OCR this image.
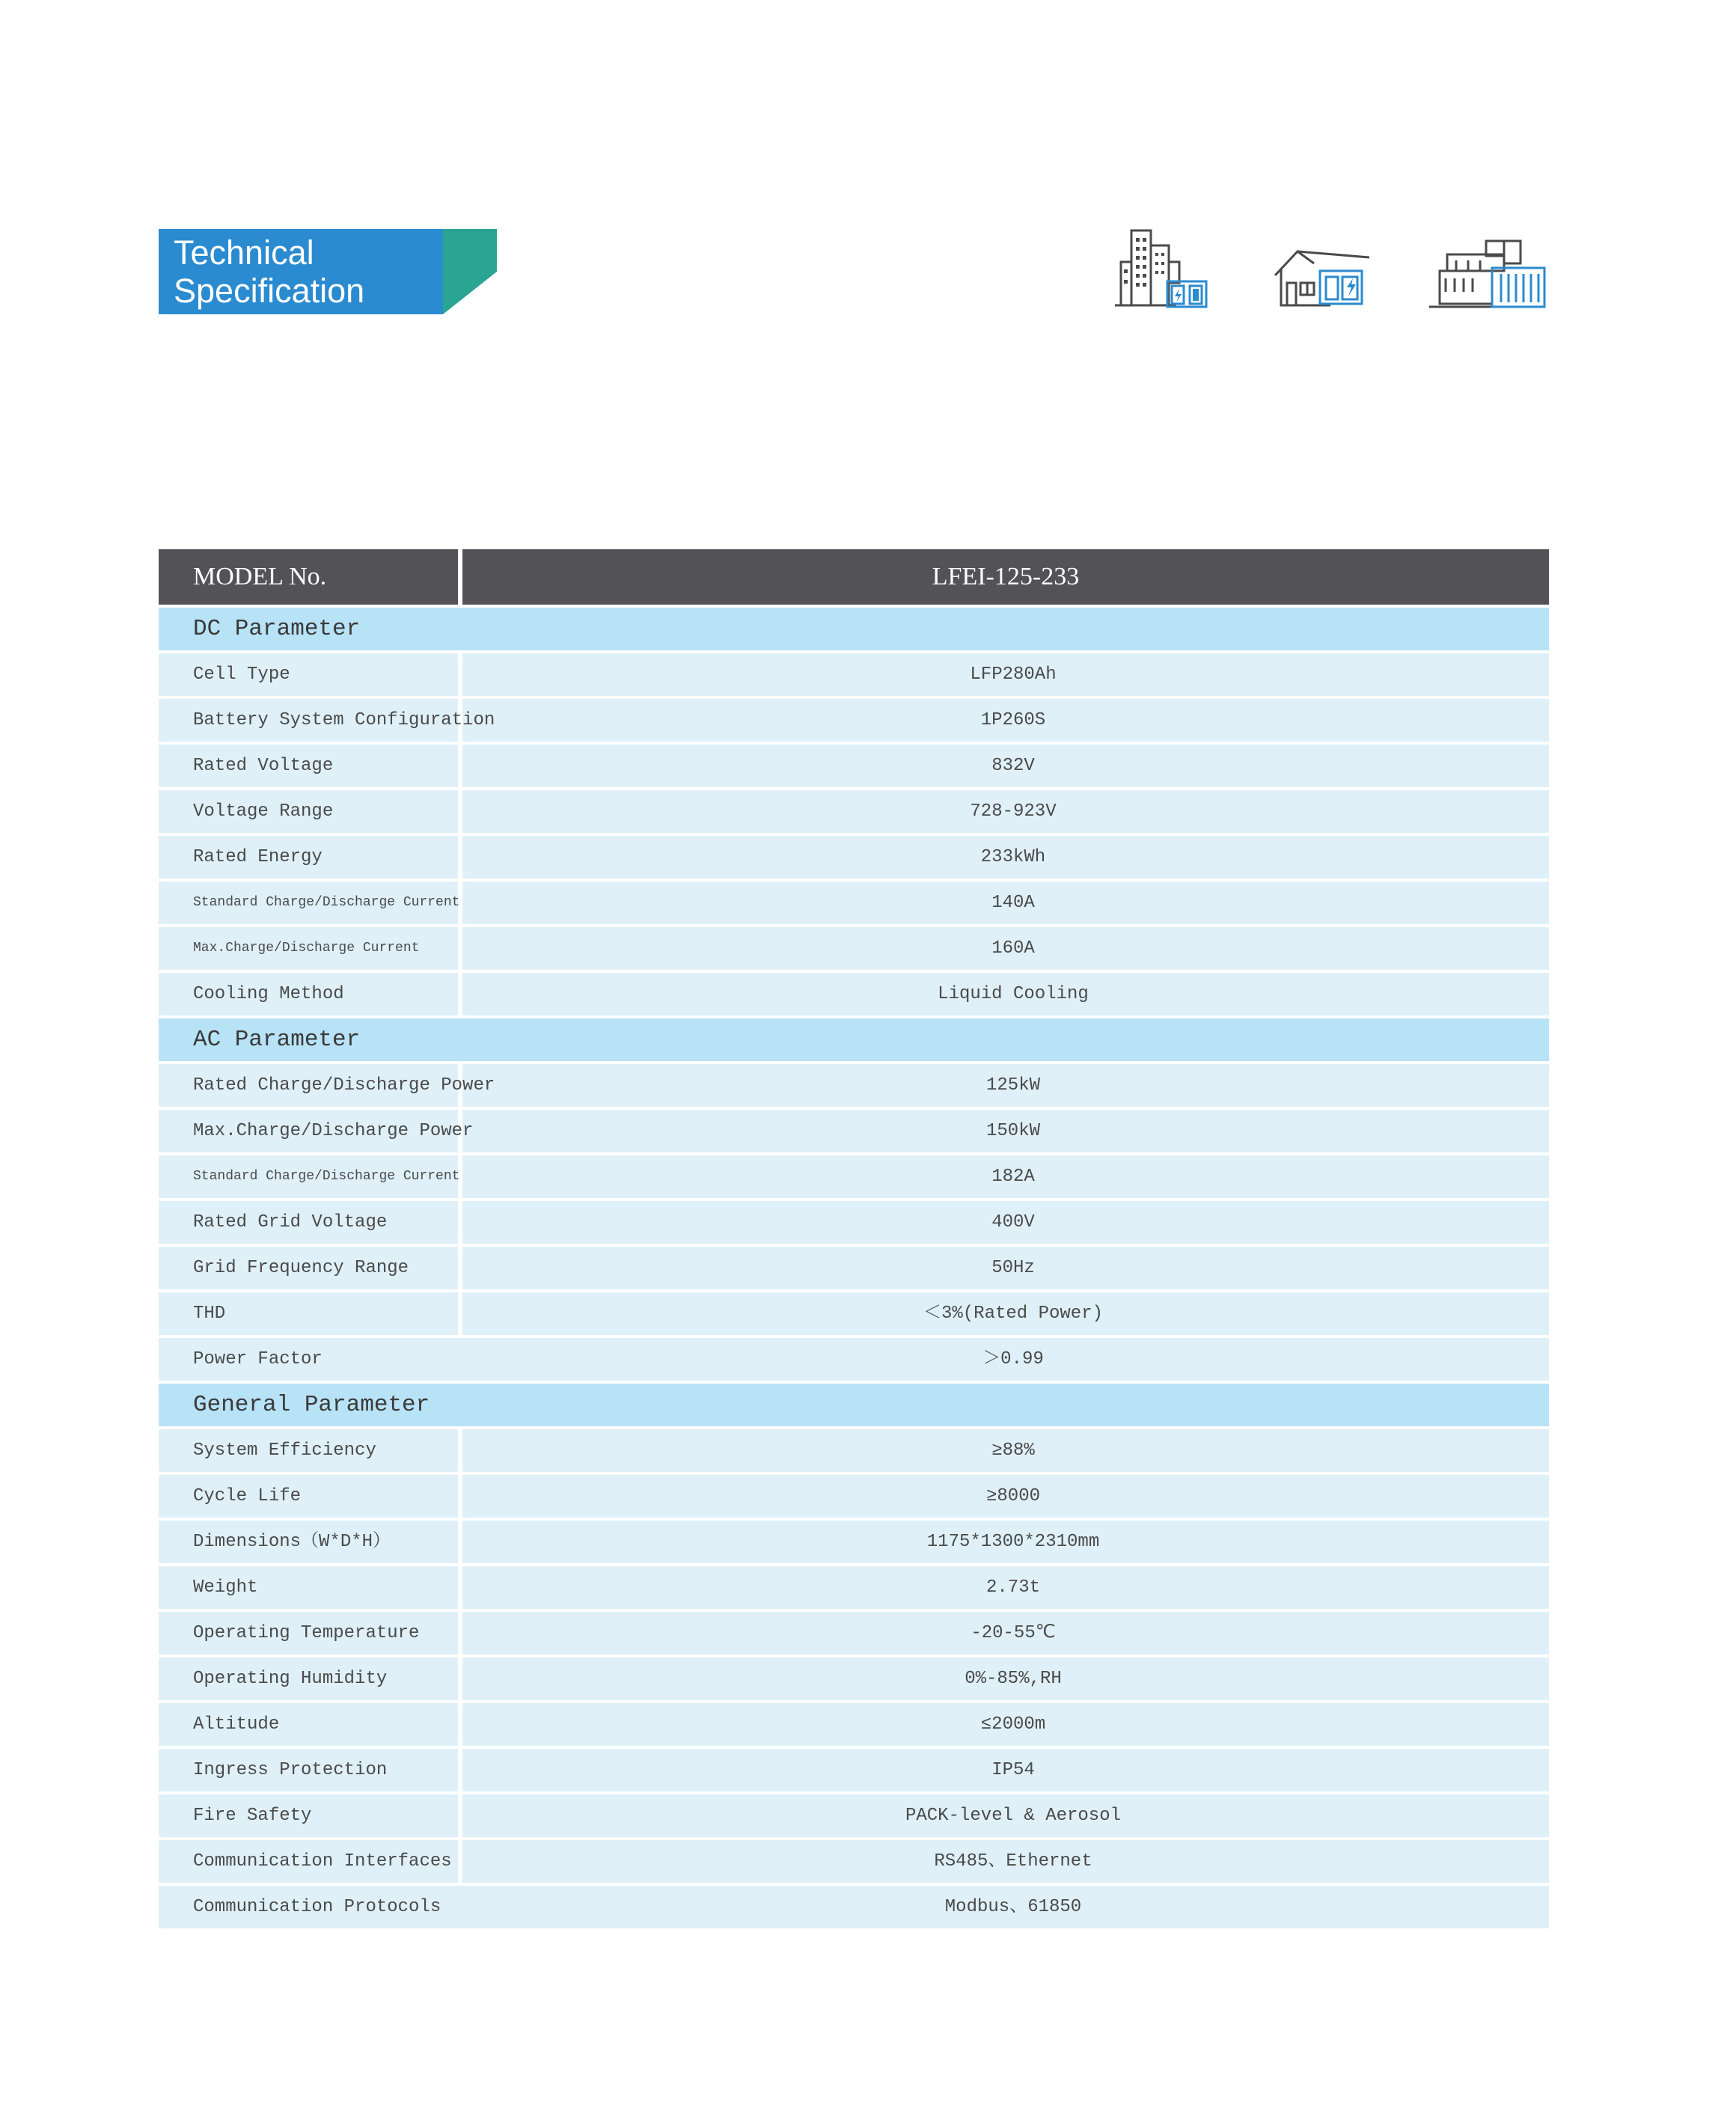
Technical
Specification
MODEL No.	LFEI-125-233
DC Parameter
Cell Type	LFP280Ah
Battery System Configuration	1P260S
Rated Voltage	832V
Voltage Range	728-923V
Rated Energy	233kWh
Standard Charge/Discharge Current	140A
Max.Charge/Discharge Current	160A
Cooling Method	Liquid Cooling
AC Parameter
Rated Charge/Discharge Power	125kW
Max.Charge/Discharge Power	150kW
Standard Charge/Discharge Current	182A
Rated Grid Voltage	400V
Grid Frequency Range	50Hz
THD	＜3%(Rated Power)
Power Factor	＞0.99
General Parameter
System Efficiency	≥88%
Cycle Life	≥8000
Dimensions（W*D*H）	1175*1300*2310mm
Weight	2.73t
Operating Temperature	-20-55℃
Operating Humidity	0%-85%,RH
Altitude	≤2000m
Ingress Protection	IP54
Fire Safety	PACK-level & Aerosol
Communication Interfaces	RS485、Ethernet
Communication Protocols	Modbus、61850
